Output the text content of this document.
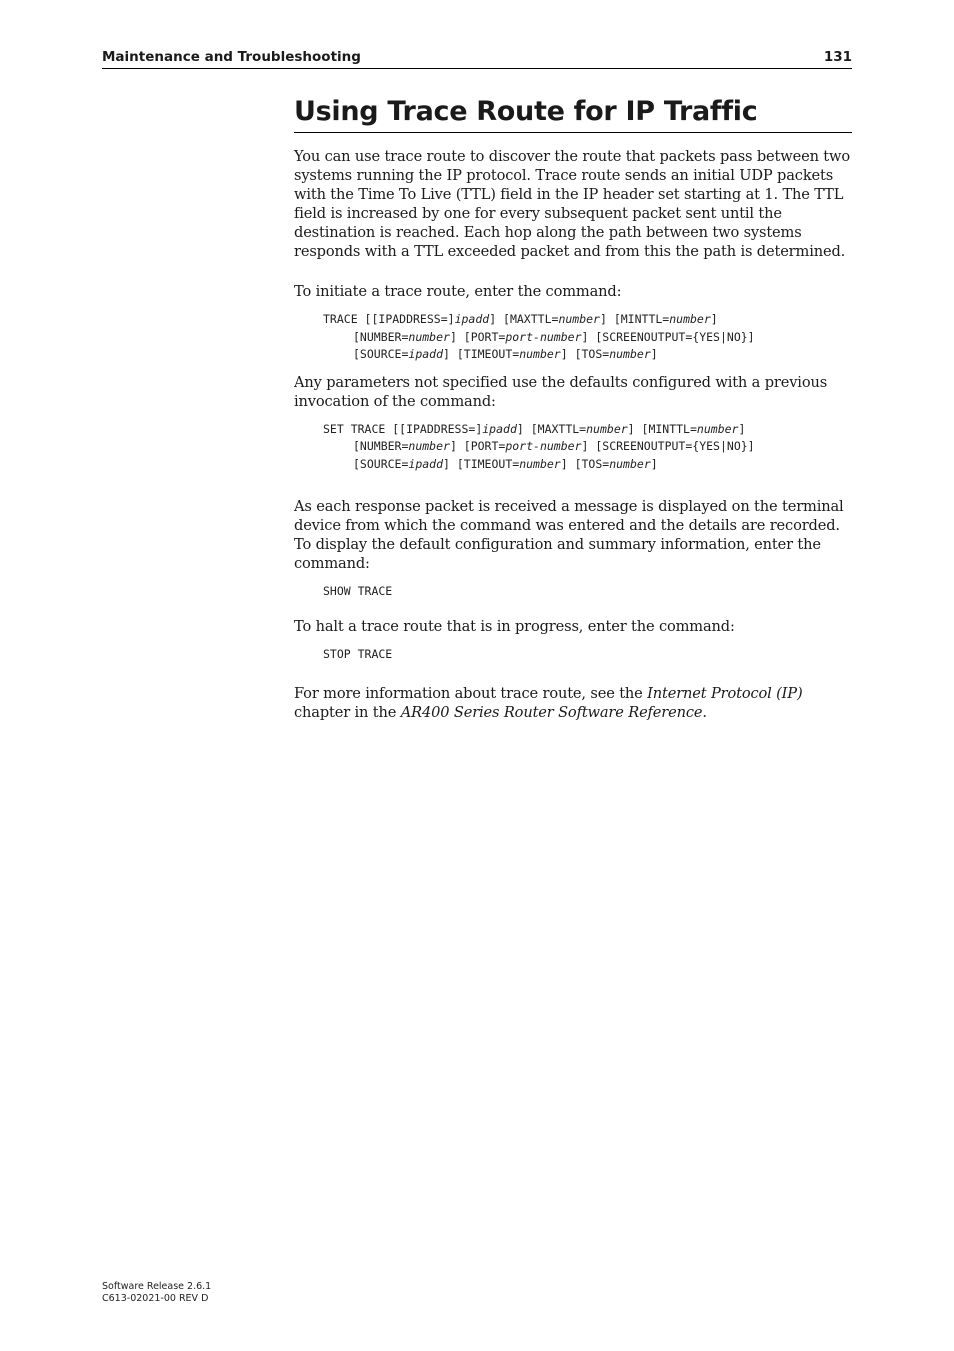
Maintenance and Troubleshooting	131
Using Trace Route for IP Traffic

You can use trace route to discover the route that packets pass between two systems running the IP protocol. Trace route sends an initial UDP packets with the Time To Live (TTL) field in the IP header set starting at 1. The TTL field is increased by one for every subsequent packet sent until the destination is reached. Each hop along the path between two systems responds with a TTL exceeded packet and from this the path is determined.

To initiate a trace route, enter the command:

TRACE [[IPADDRESS=]ipadd] [MAXTTL=number] [MINTTL=number]
[NUMBER=number] [PORT=port-number] [SCREENOUTPUT={YES|NO}]
[SOURCE=ipadd] [TIMEOUT=number] [TOS=number]

Any parameters not specified use the defaults configured with a previous invocation of the command:

SET TRACE [[IPADDRESS=]ipadd] [MAXTTL=number] [MINTTL=number]
[NUMBER=number] [PORT=port-number] [SCREENOUTPUT={YES|NO}]
[SOURCE=ipadd] [TIMEOUT=number] [TOS=number]

As each response packet is received a message is displayed on the terminal device from which the command was entered and the details are recorded. To display the default configuration and summary information, enter the command:

SHOW TRACE

To halt a trace route that is in progress, enter the command:

STOP TRACE

For more information about trace route, see the Internet Protocol (IP) chapter in the AR400 Series Router Software Reference.

Software Release 2.6.1
C613-02021-00 REV D
